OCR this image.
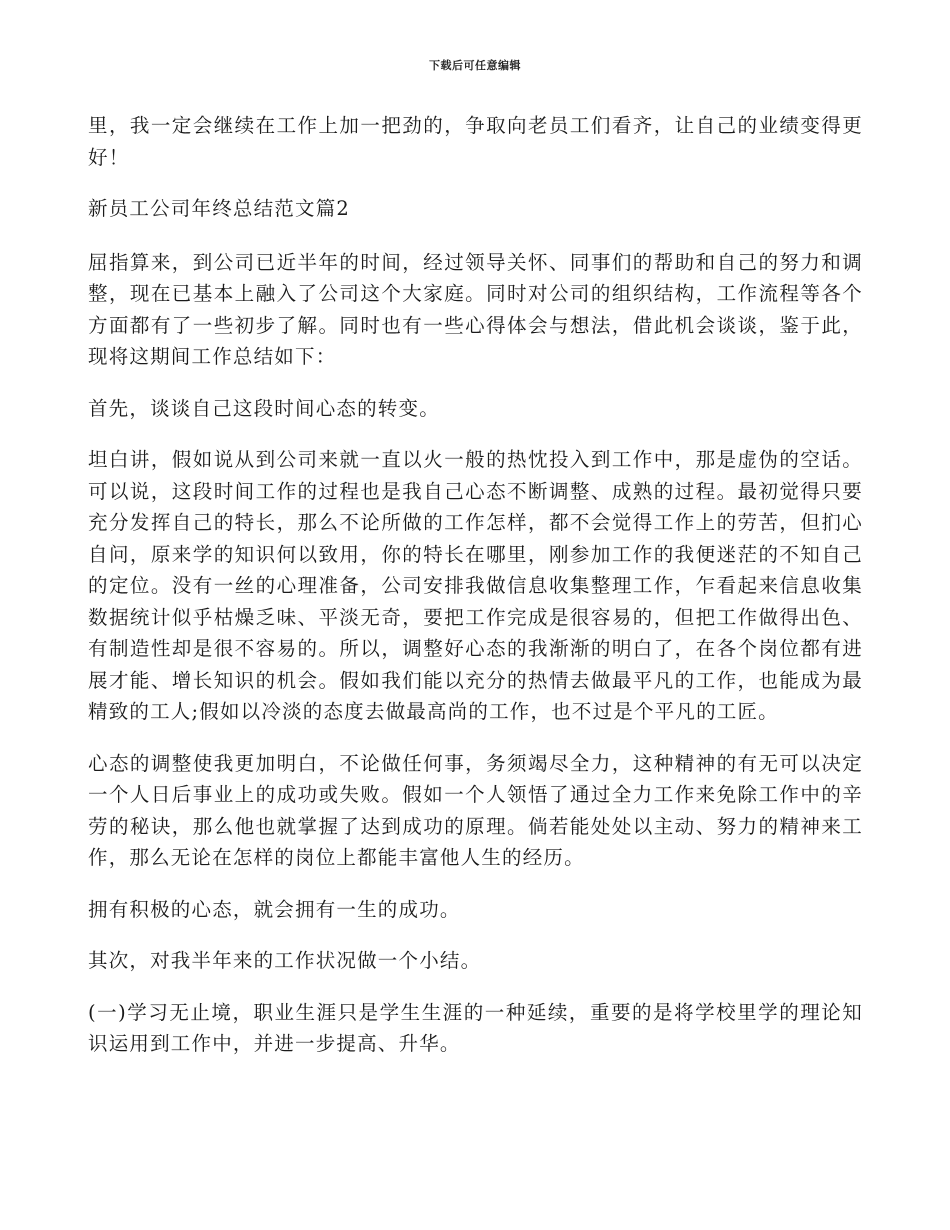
下载后可任意编辑

里，我一定会继续在工作上加一把劲的，争取向老员工们看齐，让自己的业绩变得更好！

新员工公司年终总结范文篇2

屈指算来，到公司已近半年的时间，经过领导关怀、同事们的帮助和自己的努力和调整，现在已基本上融入了公司这个大家庭。同时对公司的组织结构，工作流程等各个方面都有了一些初步了解。同时也有一些心得体会与想法，借此机会谈谈，鉴于此，现将这期间工作总结如下：

首先，谈谈自己这段时间心态的转变。

坦白讲，假如说从到公司来就一直以火一般的热忱投入到工作中，那是虚伪的空话。可以说，这段时间工作的过程也是我自己心态不断调整、成熟的过程。最初觉得只要充分发挥自己的特长，那么不论所做的工作怎样，都不会觉得工作上的劳苦，但扪心自问，原来学的知识何以致用，你的特长在哪里，刚参加工作的我便迷茫的不知自己的定位。没有一丝的心理准备，公司安排我做信息收集整理工作，乍看起来信息收集数据统计似乎枯燥乏味、平淡无奇，要把工作完成是很容易的，但把工作做得出色、有制造性却是很不容易的。所以，调整好心态的我渐渐的明白了，在各个岗位都有进展才能、增长知识的机会。假如我们能以充分的热情去做最平凡的工作，也能成为最精致的工人;假如以冷淡的态度去做最高尚的工作，也不过是个平凡的工匠。

心态的调整使我更加明白，不论做任何事，务须竭尽全力，这种精神的有无可以决定一个人日后事业上的成功或失败。假如一个人领悟了通过全力工作来免除工作中的辛劳的秘诀，那么他也就掌握了达到成功的原理。倘若能处处以主动、努力的精神来工作，那么无论在怎样的岗位上都能丰富他人生的经历。

拥有积极的心态，就会拥有一生的成功。

其次，对我半年来的工作状况做一个小结。

(一)学习无止境，职业生涯只是学生生涯的一种延续，重要的是将学校里学的理论知识运用到工作中，并进一步提高、升华。
